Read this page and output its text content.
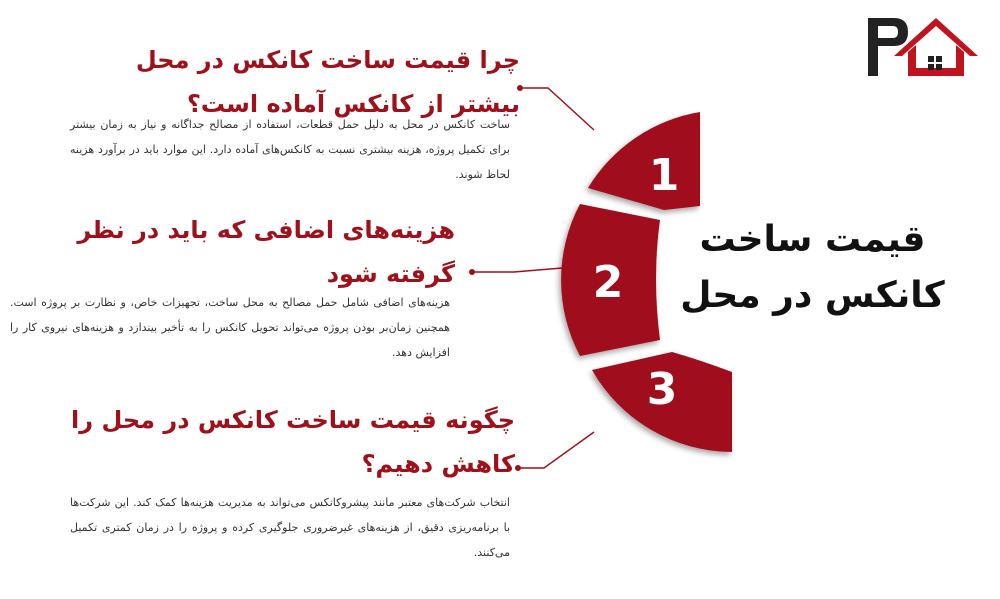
1
2
3
قیمت ساخت
کانکس در محل
چرا قیمت ساخت کانکس در محل بیشتر از کانکس آماده است؟

ساخت کانکس در محل به دلیل حمل قطعات، استفاده از مصالح جداگانه و نیاز به زمان بیشتر برای تکمیل پروژه، هزینه بیشتری نسبت به کانکس‌های آماده دارد. این موارد باید در برآورد هزینه لحاظ شوند.

هزینه‌های اضافی که باید در نظر گرفته شود

هزینه‌های اضافی شامل حمل مصالح به محل ساخت، تجهیزات خاص، و نظارت بر پروژه است. همچنین زمان‌بر بودن پروژه می‌تواند تحویل کانکس را به تأخیر بیندازد و هزینه‌های نیروی کار را افزایش دهد.

چگونه قیمت ساخت کانکس در محل را کاهش دهیم؟

انتخاب شرکت‌های معتبر مانند پیشروکانکس می‌تواند به مدیریت هزینه‌ها کمک کند. این شرکت‌ها با برنامه‌ریزی دقیق، از هزینه‌های غیرضروری جلوگیری کرده و پروژه را در زمان کمتری تکمیل می‌کنند.
